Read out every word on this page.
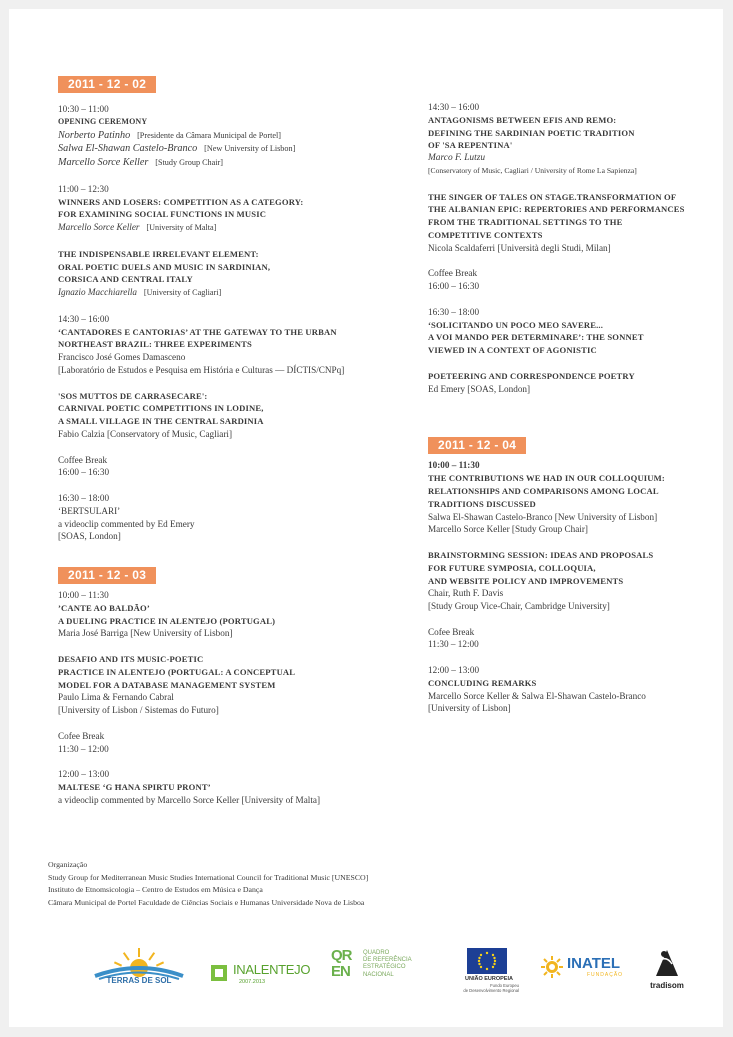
2011 - 12 - 02
10:30 – 11:00
OPENING CEREMONY
Norberto Patinho [Presidente da Câmara Municipal de Portel]
Salwa El-Shawan Castelo-Branco [New University of Lisbon]
Marcello Sorce Keller [Study Group Chair]
11:00 – 12:30
WINNERS AND LOSERS: COMPETITION AS A CATEGORY:
FOR EXAMINING SOCIAL FUNCTIONS IN MUSIC
Marcello Sorce Keller [University of Malta]
THE INDISPENSABLE IRRELEVANT ELEMENT:
ORAL POETIC DUELS AND MUSIC IN SARDINIAN,
CORSICA AND CENTRAL ITALY
Ignazio Macchiarella [University of Cagliari]
14:30 – 16:00
‘CANTADORES E CANTORIAS’ AT THE GATEWAY TO THE URBAN
NORTHEAST BRAZIL: THREE EXPERIMENTS
Francisco José Gomes Damasceno
[Laboratório de Estudos e Pesquisa em História e Culturas — DÍCTIS/CNPq]
'SOS MUTTOS DE CARRASECARE':
CARNIVAL POETIC COMPETITIONS IN LODINE,
A SMALL VILLAGE IN THE CENTRAL SARDINIA
Fabio Calzia [Conservatory of Music, Cagliari]
Coffee Break
16:00 – 16:30
16:30 – 18:00
‘BERTSULARI’
a videoclip commented by Ed Emery
[SOAS, London]
2011 - 12 - 03
10:00 – 11:30
’CANTE AO BALDÃO’
A DUELING PRACTICE IN ALENTEJO (PORTUGAL)
Maria José Barriga [New University of Lisbon]
DESAFIO AND ITS MUSIC-POETIC
PRACTICE IN ALENTEJO (PORTUGAL: A CONCEPTUAL
MODEL FOR A DATABASE MANAGEMENT SYSTEM
Paulo Lima & Fernando Cabral
[University of Lisbon / Sistemas do Futuro]
Cofee Break
11:30 – 12:00
12:00 – 13:00
MALTESE ‘G ĦANA SPIRTU PRONT’
a videoclip commented by Marcello Sorce Keller [University of Malta]
14:30 – 16:00
ANTAGONISMS BETWEEN EFIS AND REMO:
DEFINING THE SARDINIAN POETIC TRADITION
OF 'SA REPENTINA'
Marco F. Lutzu
[Conservatory of Music, Cagliari / University of Rome La Sapienza]
THE SINGER OF TALES ON STAGE.TRANSFORMATION OF
THE ALBANIAN EPIC: REPERTORIES AND PERFORMANCES
FROM THE TRADITIONAL SETTINGS TO THE
COMPETITIVE CONTEXTS
Nicola Scaldaferri [Università degli Studi, Milan]
Coffee Break
16:00 – 16:30
16:30 – 18:00
‘SOLICITANDO UN POCO MEO SAVERE...
A VOI MANDO PER DETERMINARE’: THE SONNET
VIEWED IN A CONTEXT OF AGONISTIC
POETEERING AND CORRESPONDENCE POETRY
Ed Emery [SOAS, London]
2011 - 12 - 04
10:00 – 11:30
THE CONTRIBUTIONS WE HAD IN OUR COLLOQUIUM:
RELATIONSHIPS AND COMPARISONS AMONG LOCAL
TRADITIONS DISCUSSED
Salwa El-Shawan Castelo-Branco [New University of Lisbon]
Marcello Sorce Keller [Study Group Chair]
BRAINSTORMING SESSION: IDEAS AND PROPOSALS
FOR FUTURE SYMPOSIA, COLLOQUIA,
AND WEBSITE POLICY AND IMPROVEMENTS
Chair, Ruth F. Davis
[Study Group Vice-Chair, Cambridge University]
Cofee Break
11:30 – 12:00
12:00 – 13:00
CONCLUDING REMARKS
Marcello Sorce Keller & Salwa El-Shawan Castelo-Branco
[University of Lisbon]
Organização
Study Group for Mediterranean Music Studies International Council for Traditional Music [UNESCO]
Instituto de Etnomsicologia – Centro de Estudos em Música e Dança
Câmara Municipal de Portel Faculdade de Ciências Sociais e Humanas Universidade Nova de Lisboa
TERRAS DE SOL
INALENTEJO
2007.2013
QREN
QUADRO
DE REFERÊNCIA
ESTRATÉGICO
NACIONAL
UNIÃO EUROPEIA
Fundo Europeu
de Desenvolvimento Regional
INATEL
FUNDAÇÃO
tradisom
